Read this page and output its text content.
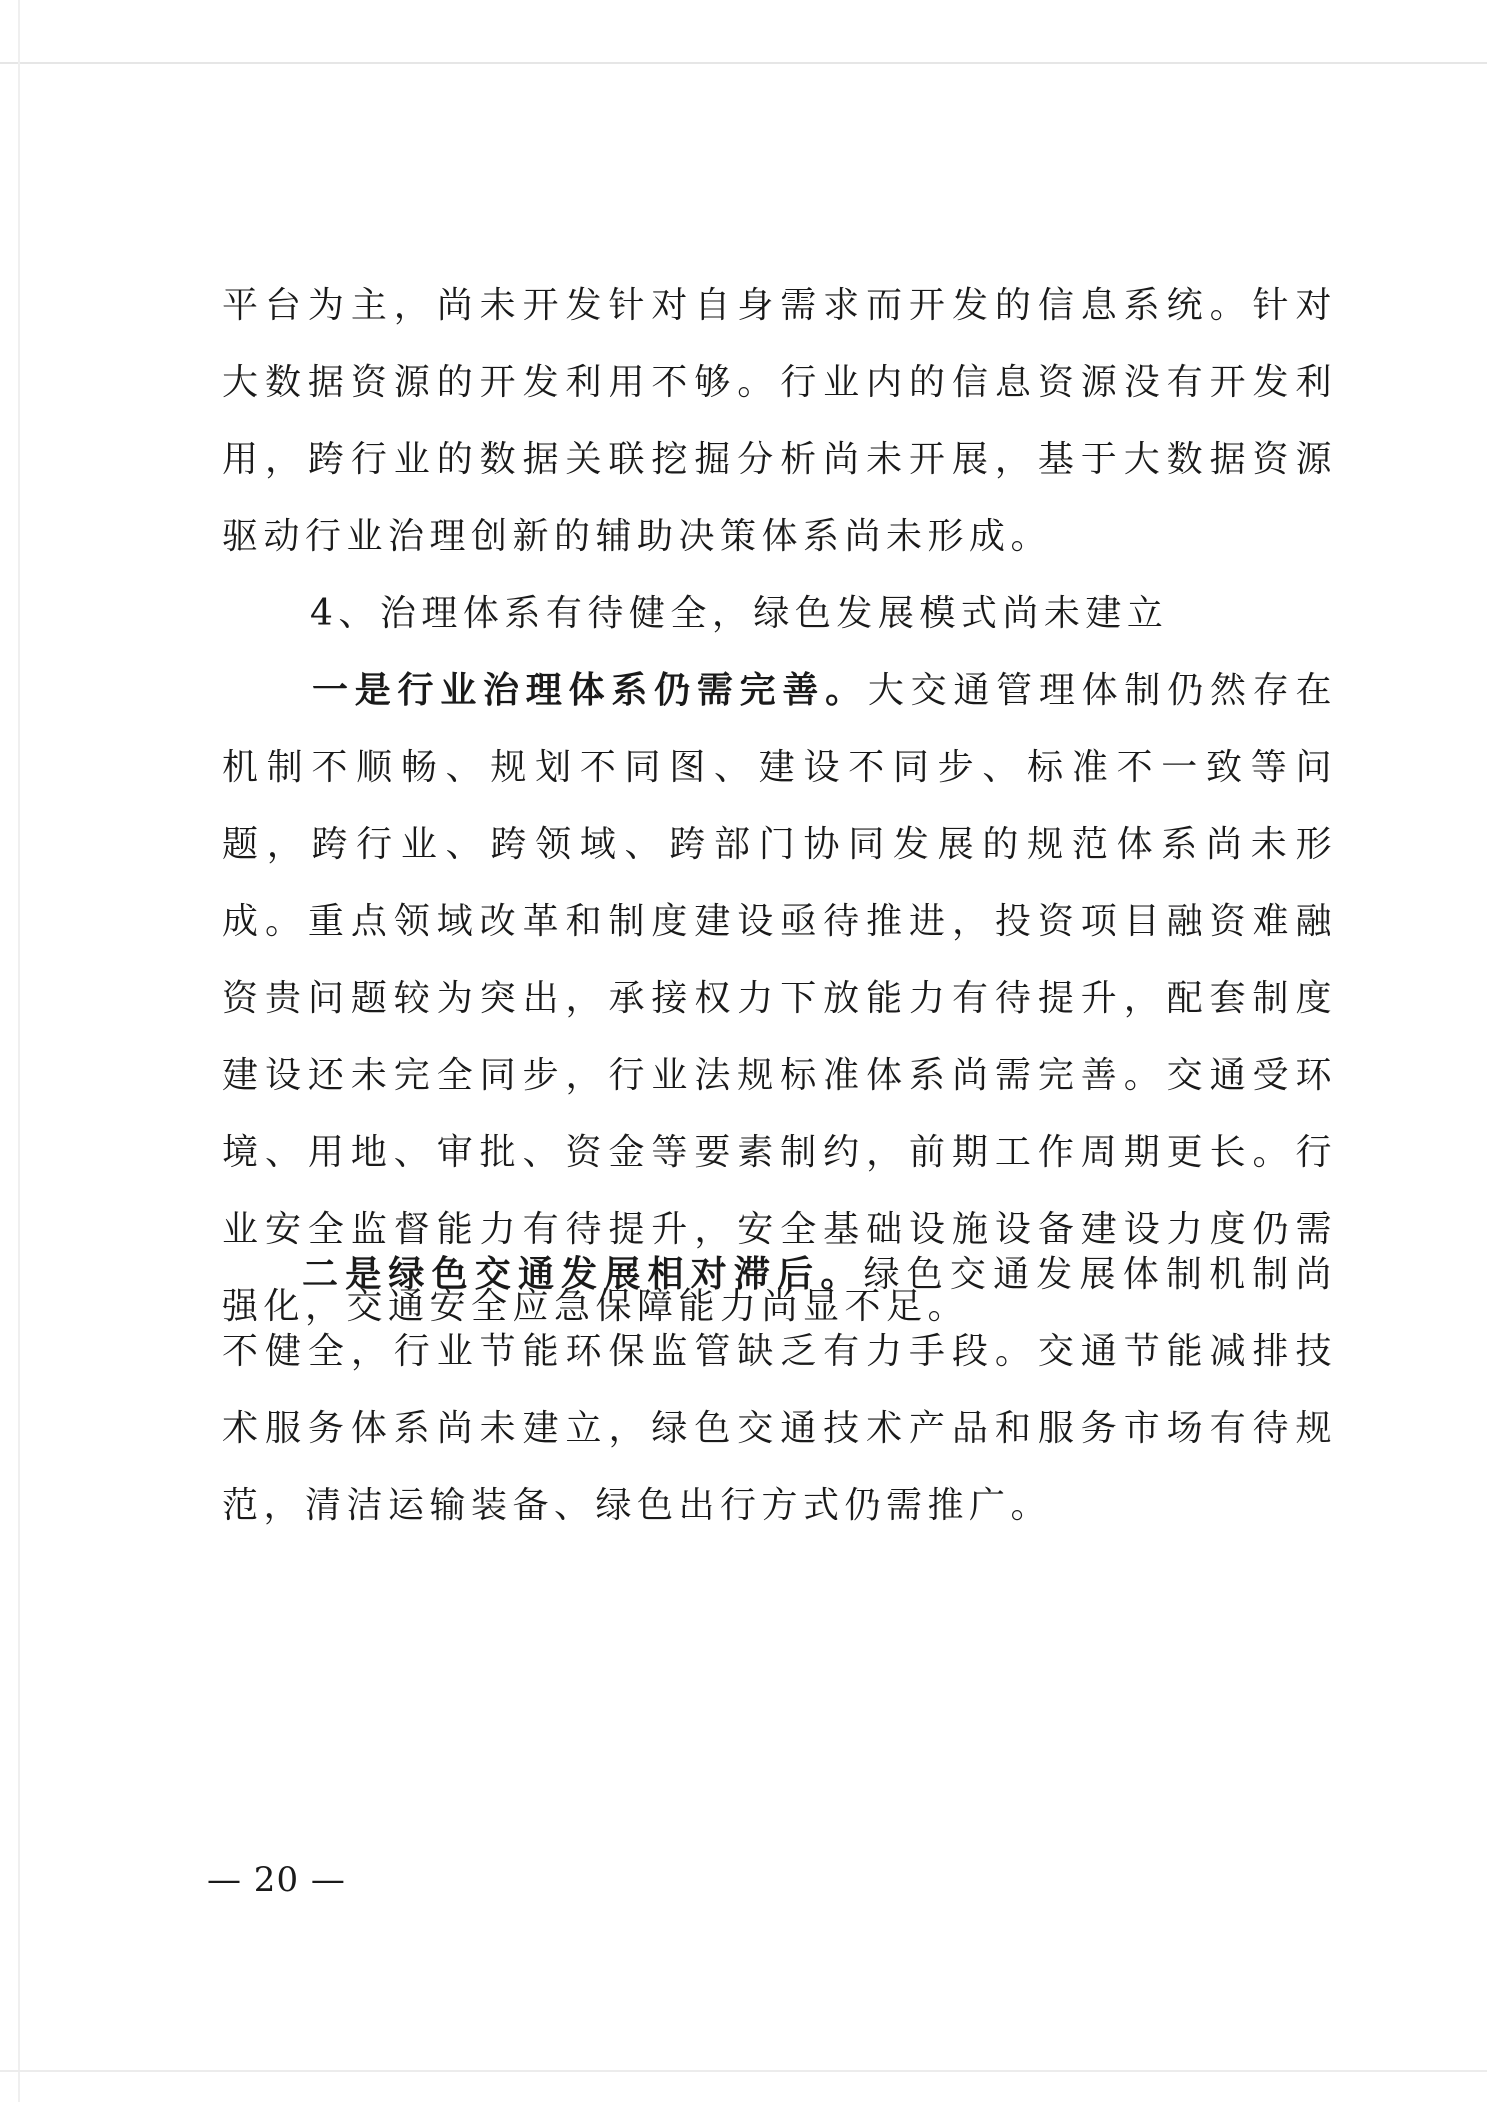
平台为主，尚未开发针对自身需求而开发的信息系统。针对大数据资源的开发利用不够。行业内的信息资源没有开发利用，跨行业的数据关联挖掘分析尚未开展，基于大数据资源驱动行业治理创新的辅助决策体系尚未形成。

4、治理体系有待健全，绿色发展模式尚未建立

一是行业治理体系仍需完善。大交通管理体制仍然存在机制不顺畅、规划不同图、建设不同步、标准不一致等问题，跨行业、跨领域、跨部门协同发展的规范体系尚未形成。重点领域改革和制度建设亟待推进，投资项目融资难融资贵问题较为突出，承接权力下放能力有待提升，配套制度建设还未完全同步，行业法规标准体系尚需完善。交通受环境、用地、审批、资金等要素制约，前期工作周期更长。行业安全监督能力有待提升，安全基础设施设备建设力度仍需强化，交通安全应急保障能力尚显不足。

二是绿色交通发展相对滞后。绿色交通发展体制机制尚不健全，行业节能环保监管缺乏有力手段。交通节能减排技术服务体系尚未建立，绿色交通技术产品和服务市场有待规范，清洁运输装备、绿色出行方式仍需推广。

— 20 —
